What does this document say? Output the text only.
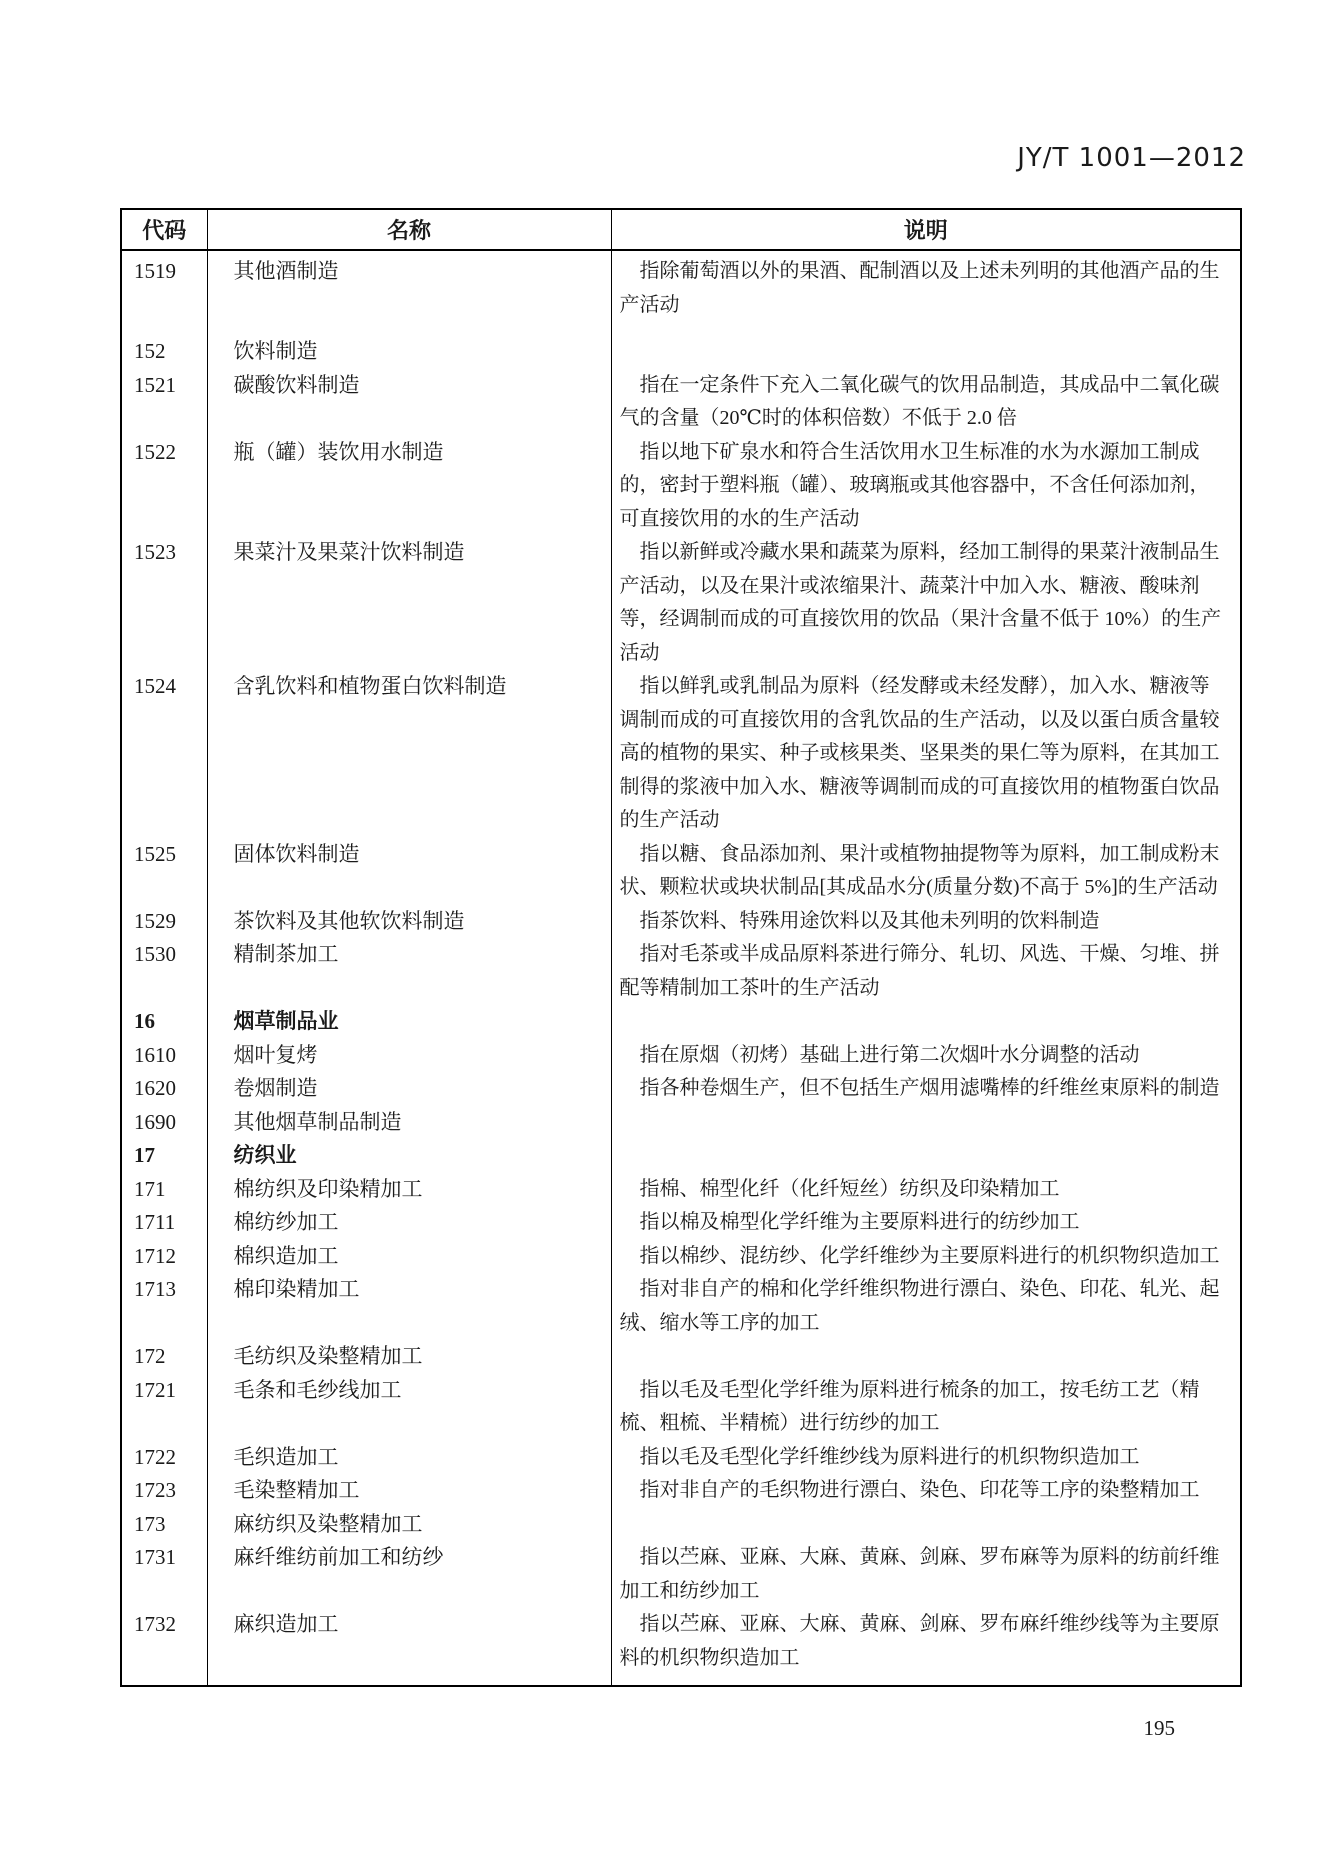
JY/T 1001—2012
代码	名称	说明
1519	其他酒制造	指除葡萄酒以外的果酒、配制酒以及上述未列明的其他酒产品的生产活动

152	饮料制造	

1521	碳酸饮料制造	指在一定条件下充入二氧化碳气的饮用品制造，其成品中二氧化碳气的含量（20℃时的体积倍数）不低于 2.0 倍

1522	瓶（罐）装饮用水制造	指以地下矿泉水和符合生活饮用水卫生标准的水为水源加工制成的，密封于塑料瓶（罐）、玻璃瓶或其他容器中，不含任何添加剂，可直接饮用的水的生产活动

1523	果菜汁及果菜汁饮料制造	指以新鲜或冷藏水果和蔬菜为原料，经加工制得的果菜汁液制品生产活动，以及在果汁或浓缩果汁、蔬菜汁中加入水、糖液、酸味剂等，经调制而成的可直接饮用的饮品（果汁含量不低于 10%）的生产活动

1524	含乳饮料和植物蛋白饮料制造	指以鲜乳或乳制品为原料（经发酵或未经发酵），加入水、糖液等调制而成的可直接饮用的含乳饮品的生产活动，以及以蛋白质含量较高的植物的果实、种子或核果类、坚果类的果仁等为原料，在其加工制得的浆液中加入水、糖液等调制而成的可直接饮用的植物蛋白饮品的生产活动

1525	固体饮料制造	指以糖、食品添加剂、果汁或植物抽提物等为原料，加工制成粉末状、颗粒状或块状制品[其成品水分(质量分数)不高于 5%]的生产活动

1529	茶饮料及其他软饮料制造	指茶饮料、特殊用途饮料以及其他未列明的饮料制造

1530	精制茶加工	指对毛茶或半成品原料茶进行筛分、轧切、风选、干燥、匀堆、拼配等精制加工茶叶的生产活动

16	烟草制品业	

1610	烟叶复烤	指在原烟（初烤）基础上进行第二次烟叶水分调整的活动

1620	卷烟制造	指各种卷烟生产，但不包括生产烟用滤嘴棒的纤维丝束原料的制造

1690	其他烟草制品制造	

17	纺织业	

171	棉纺织及印染精加工	指棉、棉型化纤（化纤短丝）纺织及印染精加工

1711	棉纺纱加工	指以棉及棉型化学纤维为主要原料进行的纺纱加工

1712	棉织造加工	指以棉纱、混纺纱、化学纤维纱为主要原料进行的机织物织造加工

1713	棉印染精加工	指对非自产的棉和化学纤维织物进行漂白、染色、印花、轧光、起绒、缩水等工序的加工

172	毛纺织及染整精加工	

1721	毛条和毛纱线加工	指以毛及毛型化学纤维为原料进行梳条的加工，按毛纺工艺（精梳、粗梳、半精梳）进行纺纱的加工

1722	毛织造加工	指以毛及毛型化学纤维纱线为原料进行的机织物织造加工

1723	毛染整精加工	指对非自产的毛织物进行漂白、染色、印花等工序的染整精加工

173	麻纺织及染整精加工	

1731	麻纤维纺前加工和纺纱	指以苎麻、亚麻、大麻、黄麻、剑麻、罗布麻等为原料的纺前纤维加工和纺纱加工

1732	麻织造加工	指以苎麻、亚麻、大麻、黄麻、剑麻、罗布麻纤维纱线等为主要原料的机织物织造加工

195
